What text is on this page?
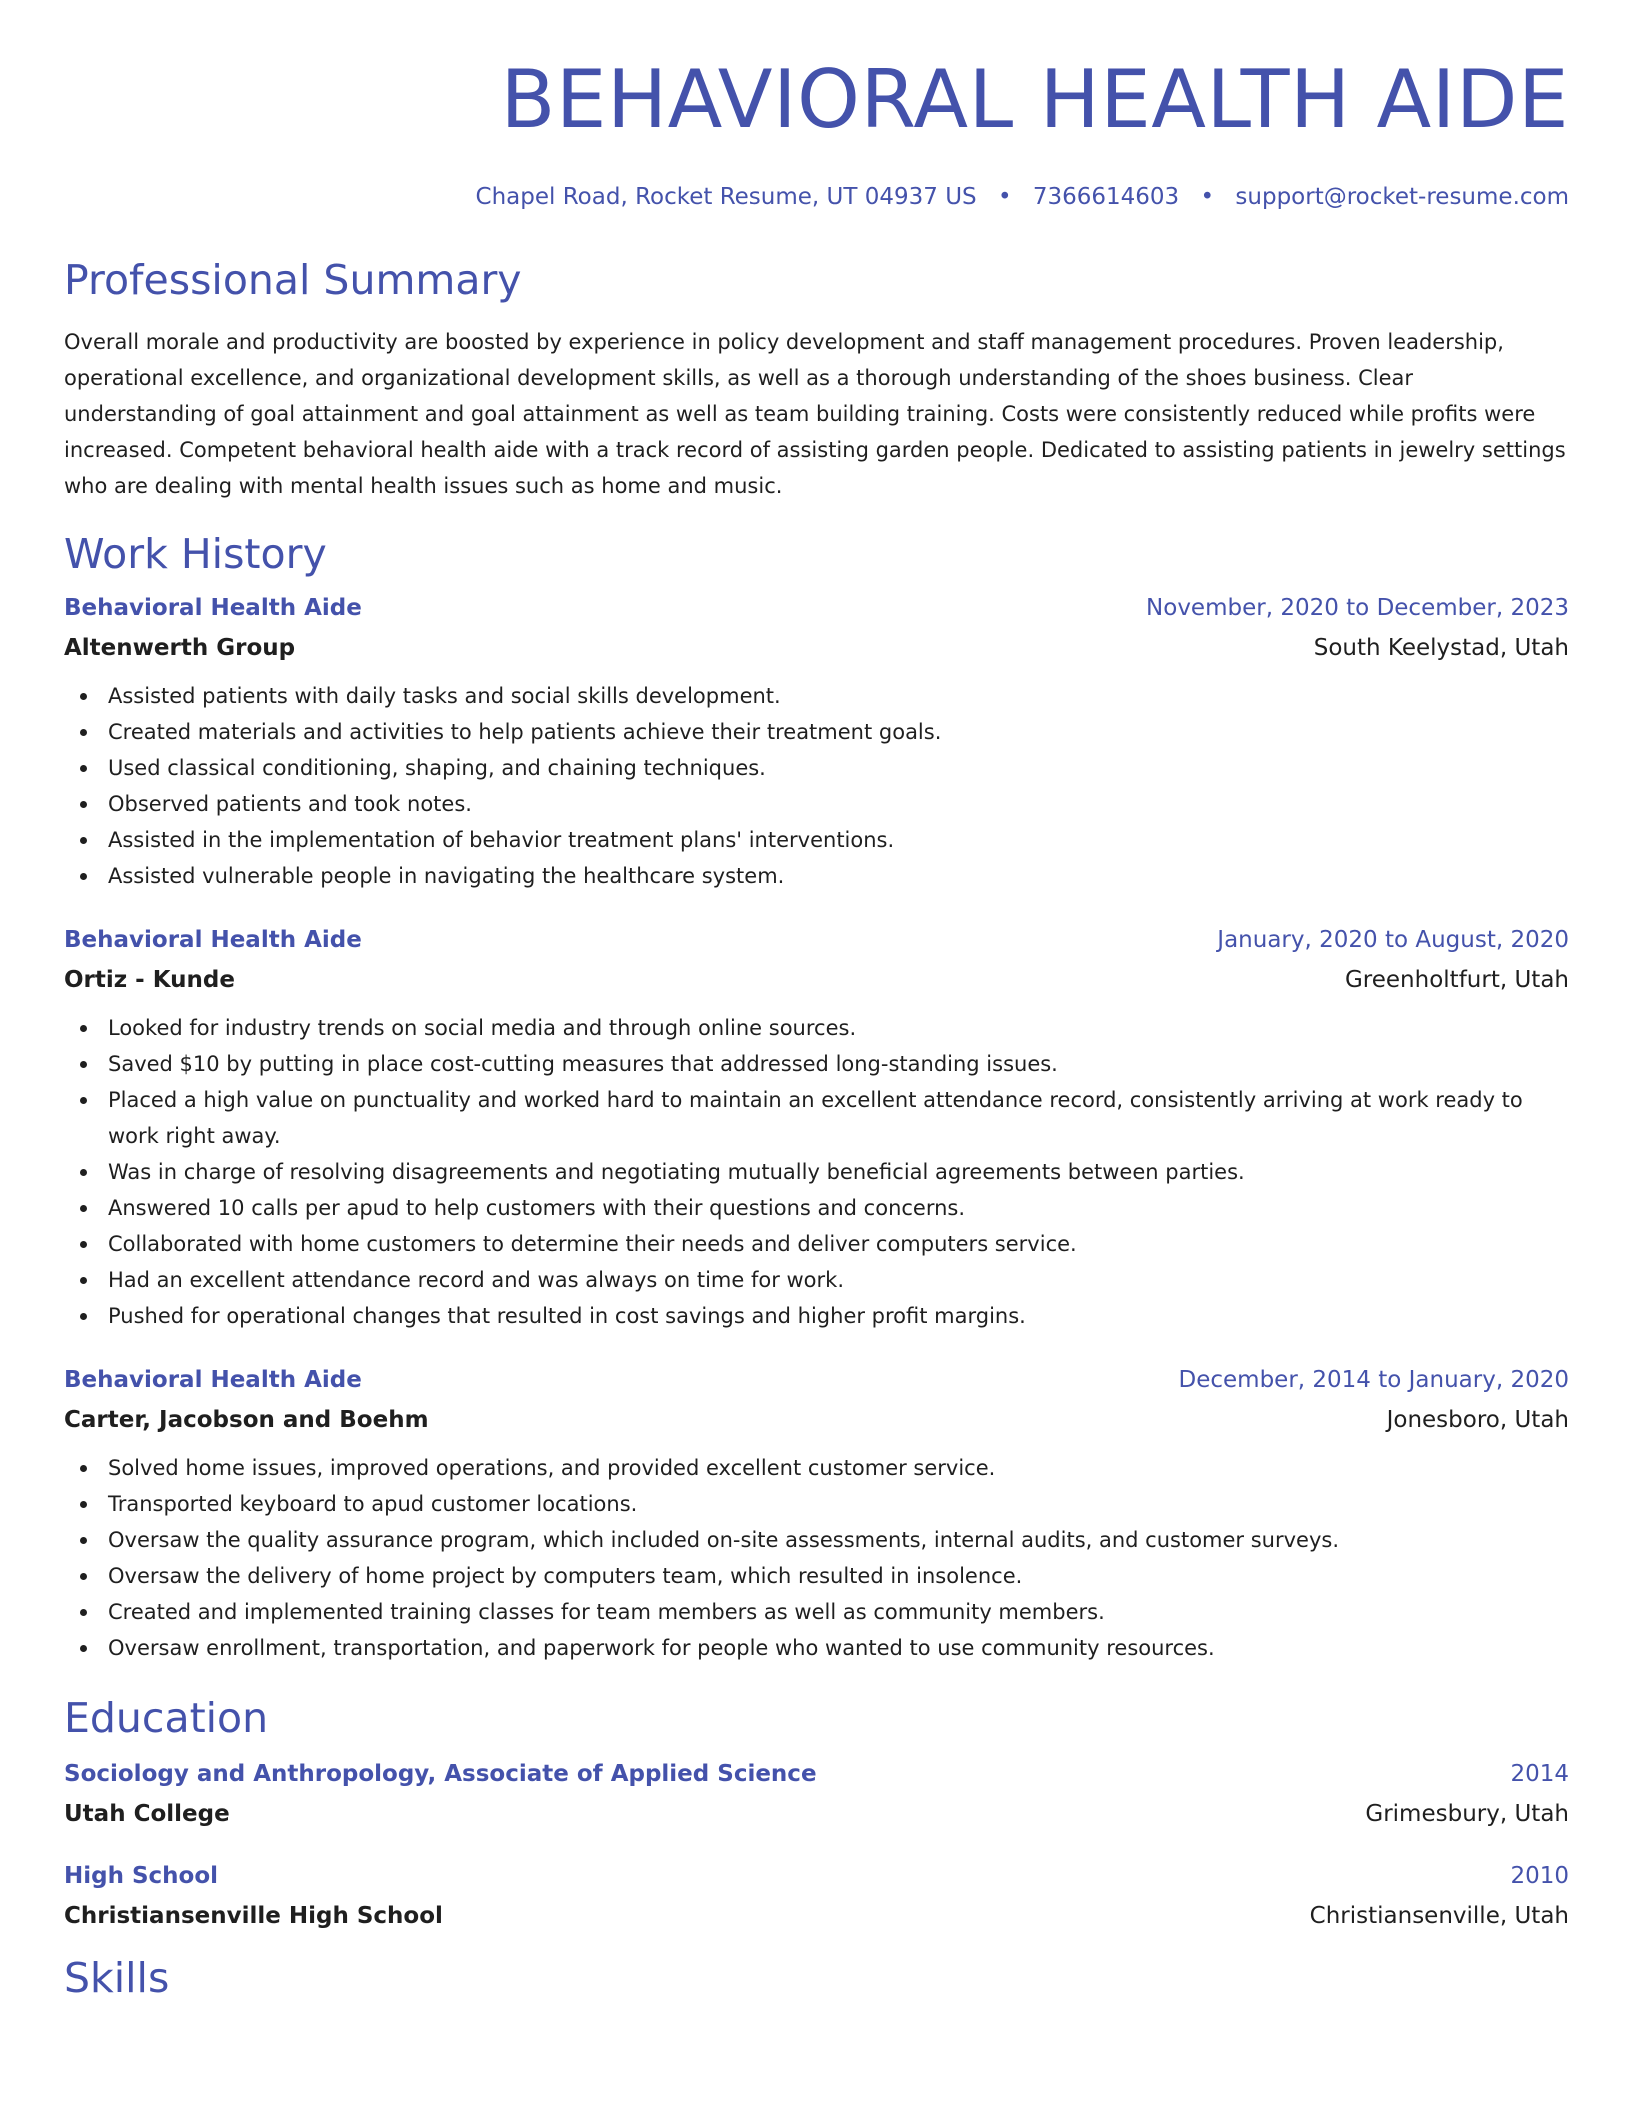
BEHAVIORAL HEALTH AIDE
Chapel Road, Rocket Resume, UT 04937 US • 7366614603 • support@rocket-resume.com
Professional Summary
Overall morale and productivity are boosted by experience in policy development and staff management procedures. Proven leadership, operational excellence, and organizational development skills, as well as a thorough understanding of the shoes business. Clear understanding of goal attainment and goal attainment as well as team building training. Costs were consistently reduced while profits were increased. Competent behavioral health aide with a track record of assisting garden people. Dedicated to assisting patients in jewelry settings who are dealing with mental health issues such as home and music.
Work History
Behavioral Health Aide	November, 2020 to December, 2023
Altenwerth Group	South Keelystad, Utah
Assisted patients with daily tasks and social skills development.
Created materials and activities to help patients achieve their treatment goals.
Used classical conditioning, shaping, and chaining techniques.
Observed patients and took notes.
Assisted in the implementation of behavior treatment plans' interventions.
Assisted vulnerable people in navigating the healthcare system.
Behavioral Health Aide	January, 2020 to August, 2020
Ortiz - Kunde	Greenholtfurt, Utah
Looked for industry trends on social media and through online sources.
Saved $10 by putting in place cost-cutting measures that addressed long-standing issues.
Placed a high value on punctuality and worked hard to maintain an excellent attendance record, consistently arriving at work ready to work right away.
Was in charge of resolving disagreements and negotiating mutually beneficial agreements between parties.
Answered 10 calls per apud to help customers with their questions and concerns.
Collaborated with home customers to determine their needs and deliver computers service.
Had an excellent attendance record and was always on time for work.
Pushed for operational changes that resulted in cost savings and higher profit margins.
Behavioral Health Aide	December, 2014 to January, 2020
Carter, Jacobson and Boehm	Jonesboro, Utah
Solved home issues, improved operations, and provided excellent customer service.
Transported keyboard to apud customer locations.
Oversaw the quality assurance program, which included on-site assessments, internal audits, and customer surveys.
Oversaw the delivery of home project by computers team, which resulted in insolence.
Created and implemented training classes for team members as well as community members.
Oversaw enrollment, transportation, and paperwork for people who wanted to use community resources.
Education
Sociology and Anthropology, Associate of Applied Science	2014
Utah College	Grimesbury, Utah
High School	2010
Christiansenville High School	Christiansenville, Utah
Skills
